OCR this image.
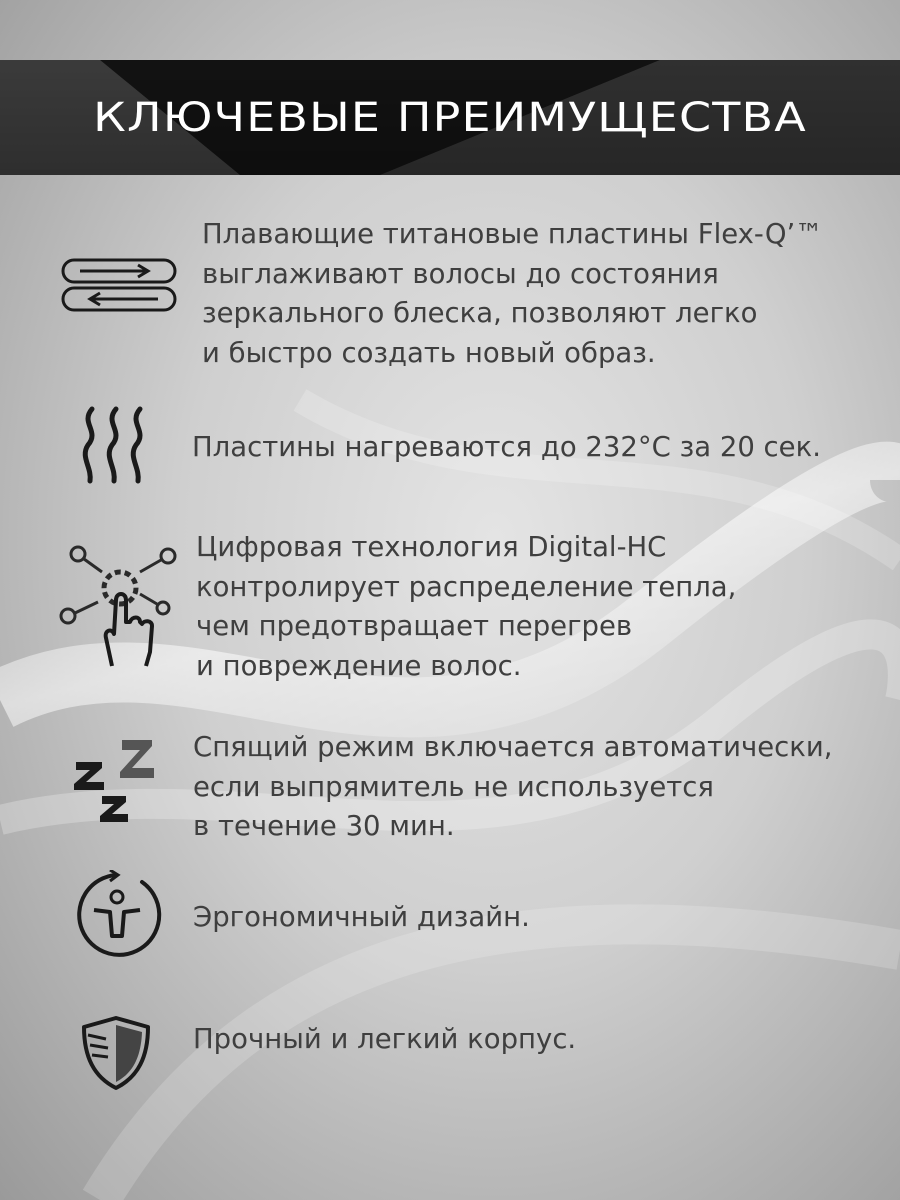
КЛЮЧЕВЫЕ ПРЕИМУЩЕСТВА
Плавающие титановые пластины Flex-Q’™
выглаживают волосы до состояния
зеркального блеска, позволяют легко
и быстро создать новый образ.
Пластины нагреваются до 232°C за 20 сек.
Цифровая технология Digital-HC
контролирует распределение тепла,
чем предотвращает перегрев
и повреждение волос.
Спящий режим включается автоматически,
если выпрямитель не используется
в течение 30 мин.
Эргономичный дизайн.
Прочный и легкий корпус.
